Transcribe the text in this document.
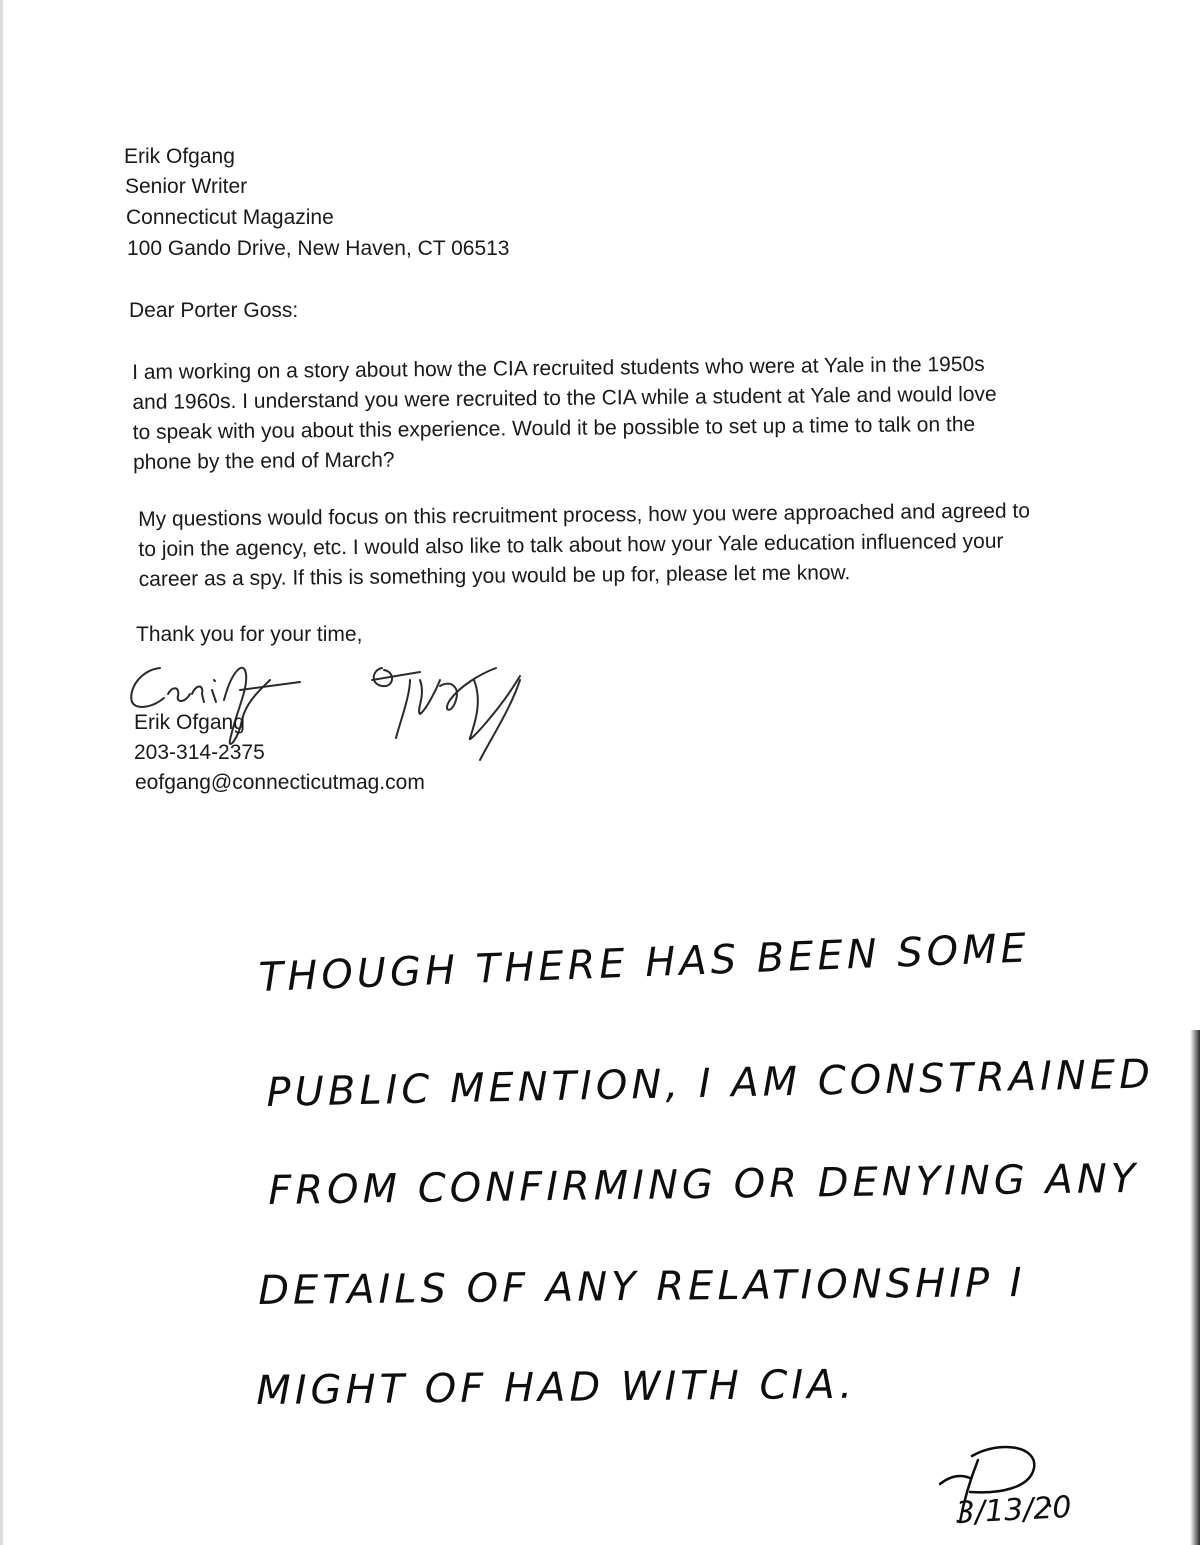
Erik Ofgang
Senior Writer
Connecticut Magazine
100 Gando Drive, New Haven, CT 06513
Dear Porter Goss:
I am working on a story about how the CIA recruited students who were at Yale in the 1950s
and 1960s. I understand you were recruited to the CIA while a student at Yale and would love
to speak with you about this experience. Would it be possible to set up a time to talk on the
phone by the end of March?
My questions would focus on this recruitment process, how you were approached and agreed to
to join the agency, etc. I would also like to talk about how your Yale education influenced your
career as a spy. If this is something you would be up for, please let me know.
Thank you for your time,
Erik Ofgang
203-314-2375
eofgang@connecticutmag.com
THOUGH THERE HAS BEEN SOME
PUBLIC MENTION, I AM CONSTRAINED
FROM CONFIRMING OR DENYING ANY
DETAILS OF ANY RELATIONSHIP I
MIGHT OF HAD WITH CIA.
3/13/20
